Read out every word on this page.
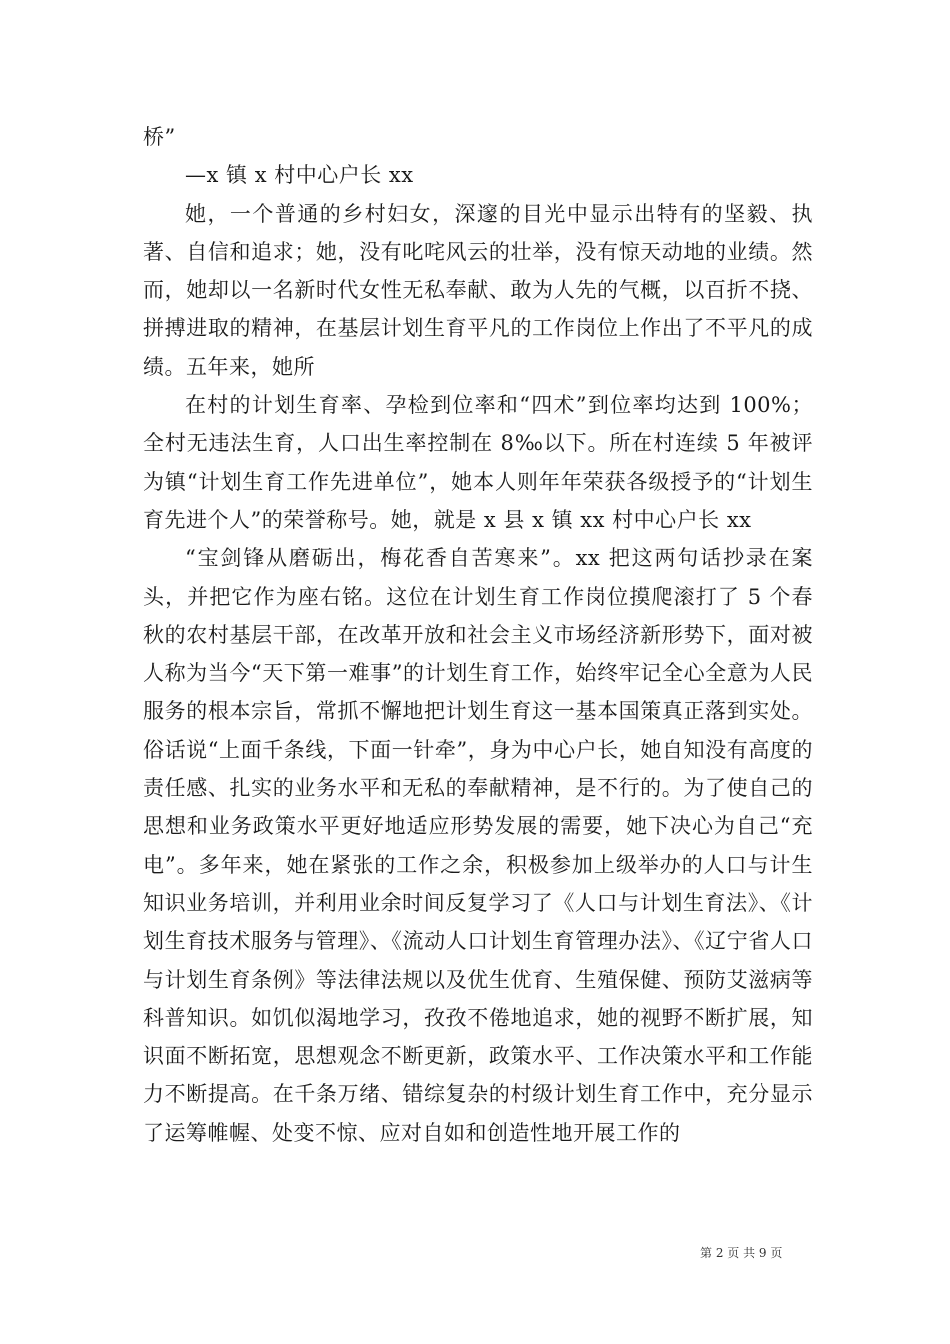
桥”

—x 镇 x 村中心户长 xx

她，一个普通的乡村妇女，深邃的目光中显示出特有的坚毅、执著、自信和追求；她，没有叱咤风云的壮举，没有惊天动地的业绩。然而，她却以一名新时代女性无私奉献、敢为人先的气概，以百折不挠、拼搏进取的精神，在基层计划生育平凡的工作岗位上作出了不平凡的成绩。五年来，她所

在村的计划生育率、孕检到位率和“四术”到位率均达到 100%；全村无违法生育，人口出生率控制在 8‰以下。所在村连续 5 年被评为镇“计划生育工作先进单位”，她本人则年年荣获各级授予的“计划生育先进个人”的荣誉称号。她，就是 x 县 x 镇 xx 村中心户长 xx

“宝剑锋从磨砺出，梅花香自苦寒来”。xx 把这两句话抄录在案头，并把它作为座右铭。这位在计划生育工作岗位摸爬滚打了 5 个春秋的农村基层干部，在改革开放和社会主义市场经济新形势下，面对被人称为当今“天下第一难事”的计划生育工作，始终牢记全心全意为人民服务的根本宗旨，常抓不懈地把计划生育这一基本国策真正落到实处。俗话说“上面千条线，下面一针牵”，身为中心户长，她自知没有高度的责任感、扎实的业务水平和无私的奉献精神，是不行的。为了使自己的思想和业务政策水平更好地适应形势发展的需要，她下决心为自己“充电”。多年来，她在紧张的工作之余，积极参加上级举办的人口与计生知识业务培训，并利用业余时间反复学习了《人口与计划生育法》、《计划生育技术服务与管理》、《流动人口计划生育管理办法》、《辽宁省人口与计划生育条例》等法律法规以及优生优育、生殖保健、预防艾滋病等科普知识。如饥似渴地学习，孜孜不倦地追求，她的视野不断扩展，知识面不断拓宽，思想观念不断更新，政策水平、工作决策水平和工作能力不断提高。在千条万绪、错综复杂的村级计划生育工作中，充分显示了运筹帷幄、处变不惊、应对自如和创造性地开展工作的

第 2 页 共 9 页
